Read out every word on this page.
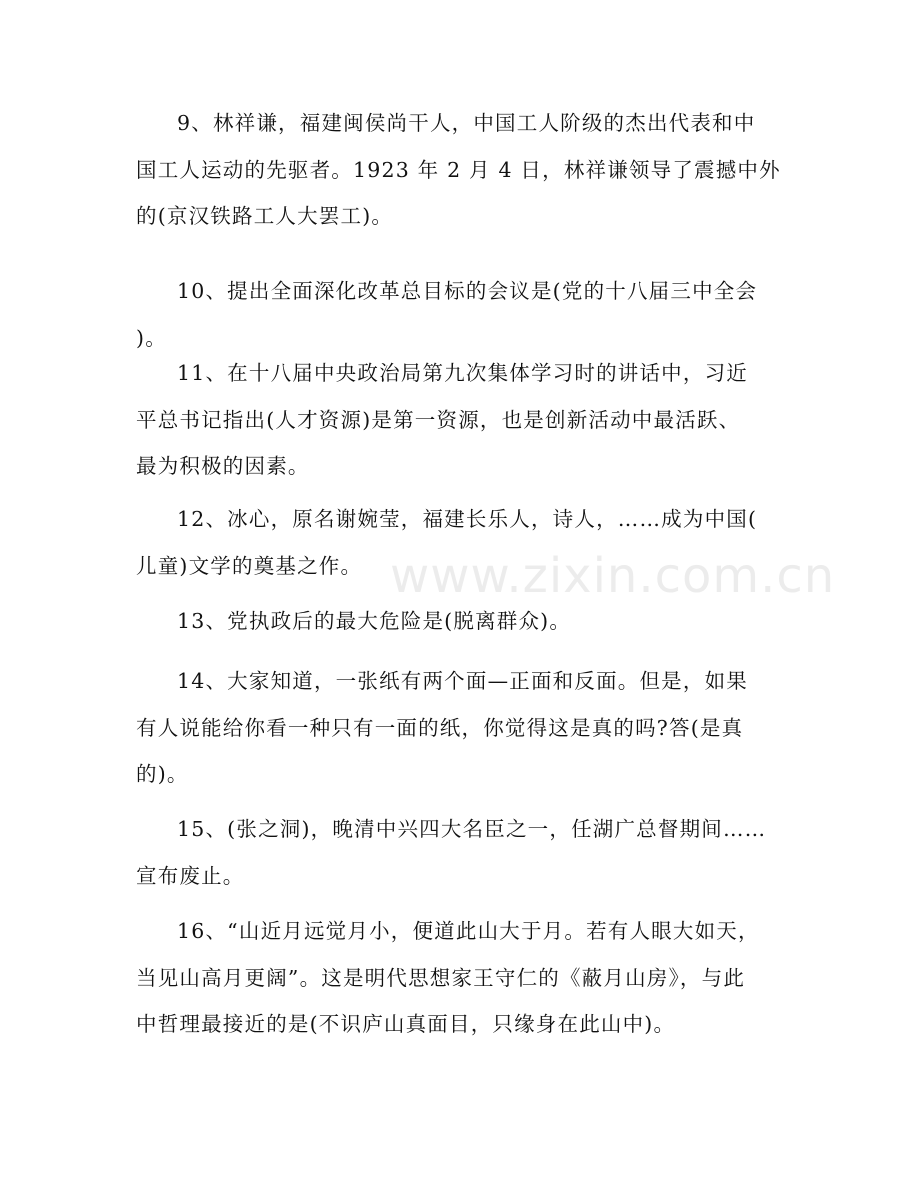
9、林祥谦，福建闽侯尚干人，中国工人阶级的杰出代表和中
国工人运动的先驱者。1923 年 2 月 4 日，林祥谦领导了震撼中外
的(京汉铁路工人大罢工)。
10、提出全面深化改革总目标的会议是(党的十八届三中全会
)。
11、在十八届中央政治局第九次集体学习时的讲话中，习近
平总书记指出(人才资源)是第一资源，也是创新活动中最活跃、
最为积极的因素。
12、冰心，原名谢婉莹，福建长乐人，诗人，……成为中国(
儿童)文学的奠基之作。
13、党执政后的最大危险是(脱离群众)。
14、大家知道，一张纸有两个面—正面和反面。但是，如果
有人说能给你看一种只有一面的纸，你觉得这是真的吗?答(是真
的)。
15、(张之洞)，晚清中兴四大名臣之一，任湖广总督期间……
宣布废止。
16、“山近月远觉月小，便道此山大于月。若有人眼大如天，
当见山高月更阔”。这是明代思想家王守仁的《蔽月山房》，与此
中哲理最接近的是(不识庐山真面目，只缘身在此山中)。
www.zixin.com.cn
